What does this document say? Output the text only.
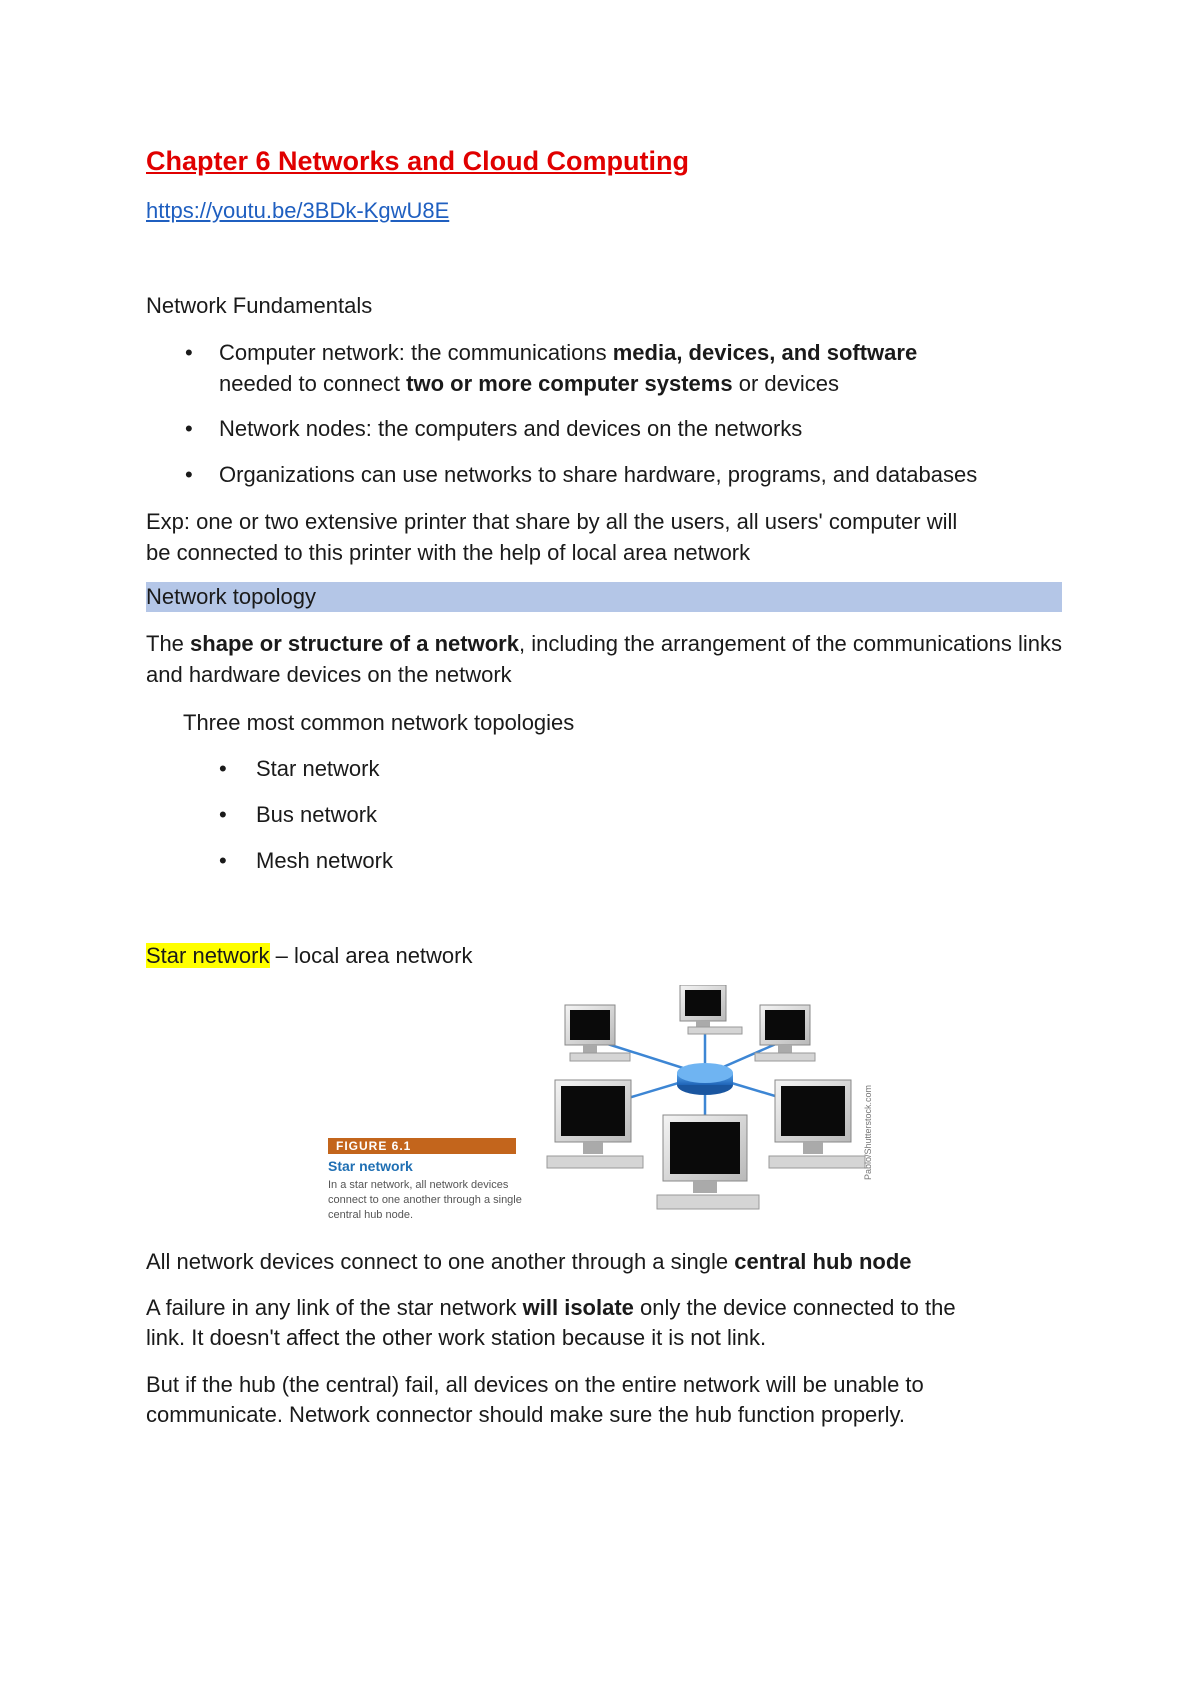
Chapter 6 Networks and Cloud Computing
https://youtu.be/3BDk-KgwU8E
Network Fundamentals
• Computer network: the communications media, devices, and software
needed to connect two or more computer systems or devices
• Network nodes: the computers and devices on the networks
• Organizations can use networks to share hardware, programs, and databases
Exp: one or two extensive printer that share by all the users, all users' computer will
be connected to this printer with the help of local area network
Network topology
The shape or structure of a network, including the arrangement of the communications links and hardware devices on the network
Three most common network topologies
• Star network
• Bus network
• Mesh network
Star network – local area network
FIGURE 6.1
Star network
In a star network, all network devices connect to one another through a single central hub node.
Pablo/Shutterstock.com
All network devices connect to one another through a single central hub node
A failure in any link of the star network will isolate only the device connected to the
link. It doesn't affect the other work station because it is not link.
But if the hub (the central) fail, all devices on the entire network will be unable to
communicate. Network connector should make sure the hub function properly.
